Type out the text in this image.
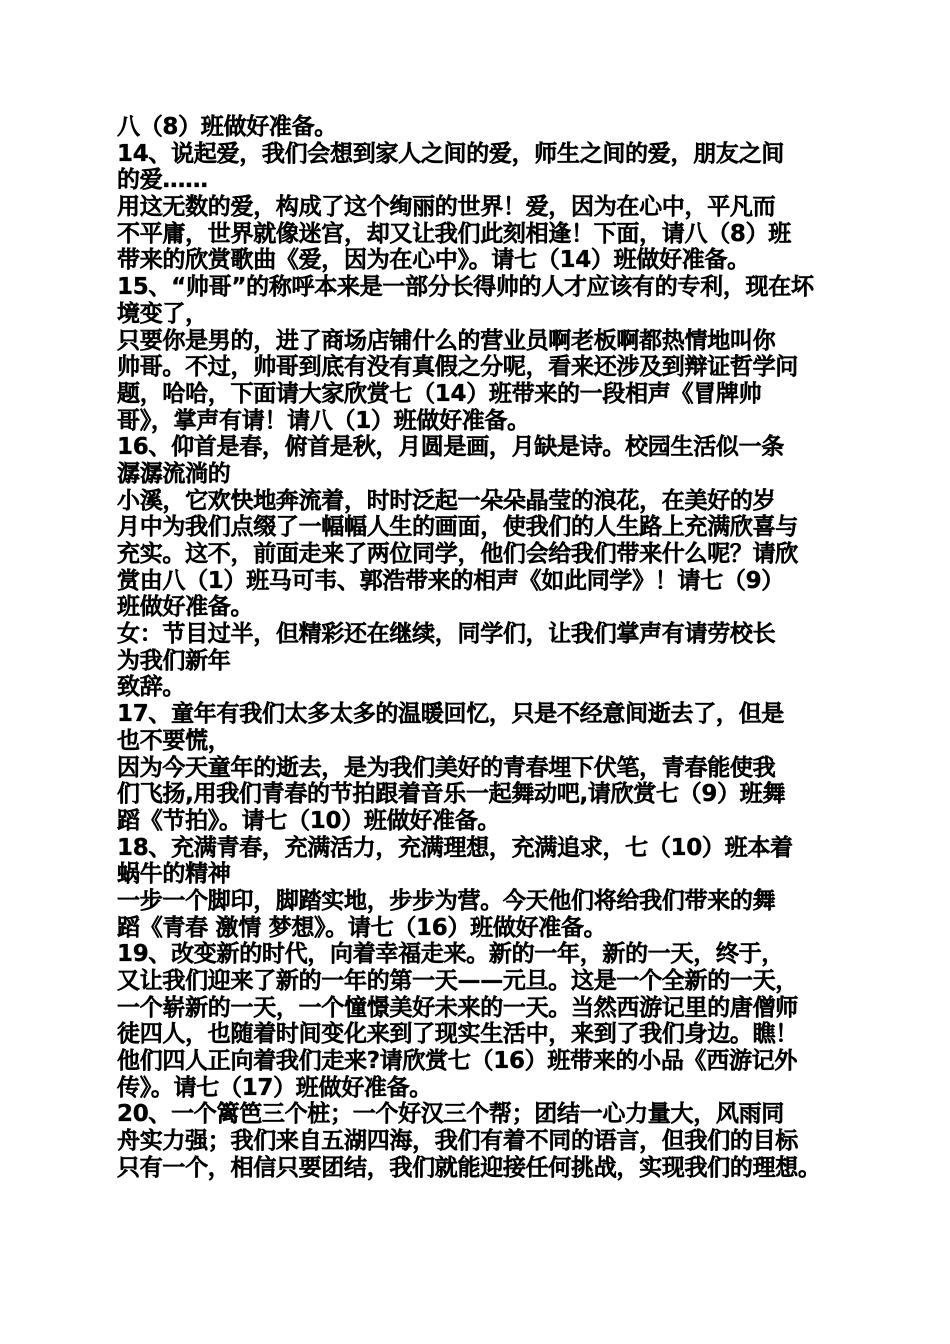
八（8）班做好准备。
14、说起爱，我们会想到家人之间的爱，师生之间的爱，朋友之间
的爱……
用这无数的爱，构成了这个绚丽的世界！爱，因为在心中，平凡而
不平庸，世界就像迷宫，却又让我们此刻相逢！下面，请八（8）班
带来的欣赏歌曲《爱，因为在心中》。请七（14）班做好准备。
15、“帅哥”的称呼本来是一部分长得帅的人才应该有的专利，现在坏
境变了，
只要你是男的，进了商场店铺什么的营业员啊老板啊都热情地叫你
帅哥。不过，帅哥到底有没有真假之分呢，看来还涉及到辩证哲学问
题，哈哈，下面请大家欣赏七（14）班带来的一段相声《冒牌帅
哥》，掌声有请！请八（1）班做好准备。
16、仰首是春，俯首是秋，月圆是画，月缺是诗。校园生活似一条
潺潺流淌的
小溪，它欢快地奔流着，时时泛起一朵朵晶莹的浪花，在美好的岁
月中为我们点缀了一幅幅人生的画面，使我们的人生路上充满欣喜与
充实。这不，前面走来了两位同学，他们会给我们带来什么呢？请欣
赏由八（1）班马可韦、郭浩带来的相声《如此同学》！请七（9）
班做好准备。
女：节目过半，但精彩还在继续，同学们，让我们掌声有请劳校长
为我们新年
致辞。
17、童年有我们太多太多的温暖回忆，只是不经意间逝去了，但是
也不要慌，
因为今天童年的逝去，是为我们美好的青春埋下伏笔，青春能使我
们飞扬,用我们青春的节拍跟着音乐一起舞动吧,请欣赏七（9）班舞
蹈《节拍》。请七（10）班做好准备。
18、充满青春，充满活力，充满理想，充满追求，七（10）班本着
蜗牛的精神
一步一个脚印，脚踏实地，步步为营。今天他们将给我们带来的舞
蹈《青春 激情 梦想》。请七（16）班做好准备。
19、改变新的时代，向着幸福走来。新的一年，新的一天，终于，
又让我们迎来了新的一年的第一天——元旦。这是一个全新的一天，
一个崭新的一天，一个憧憬美好未来的一天。当然西游记里的唐僧师
徒四人，也随着时间变化来到了现实生活中，来到了我们身边。瞧！
他们四人正向着我们走来?请欣赏七（16）班带来的小品《西游记外
传》。请七（17）班做好准备。
20、一个篱笆三个桩；一个好汉三个帮；团结一心力量大，风雨同
舟实力强；我们来自五湖四海，我们有着不同的语言，但我们的目标
只有一个，相信只要团结，我们就能迎接任何挑战，实现我们的理想。
